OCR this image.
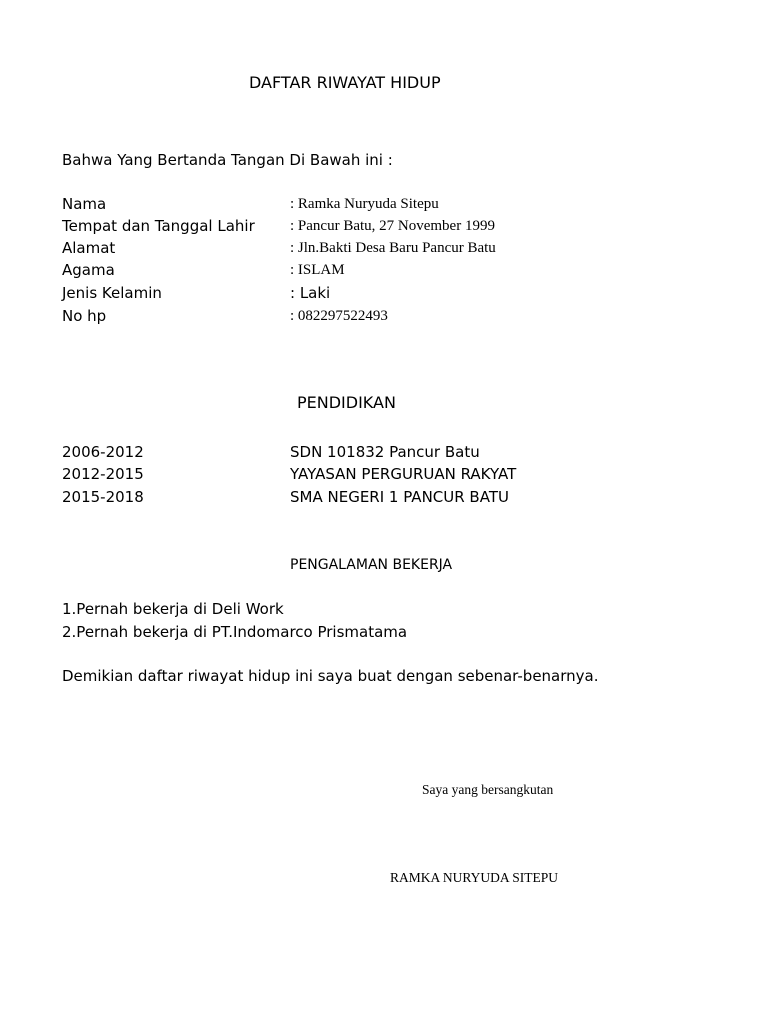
DAFTAR RIWAYAT HIDUP
Bahwa Yang Bertanda Tangan Di Bawah ini :
Nama	: Ramka Nuryuda Sitepu
Tempat dan Tanggal Lahir : Pancur Batu, 27 November 1999
Alamat	: Jln.Bakti Desa Baru Pancur Batu
Agama	: ISLAM
Jenis Kelamin	: Laki
No hp	: 082297522493
PENDIDIKAN
2006-2012	SDN 101832 Pancur Batu
2012-2015	YAYASAN PERGURUAN RAKYAT
2015-2018	SMA NEGERI 1 PANCUR BATU
PENGALAMAN BEKERJA
1.Pernah bekerja di Deli Work
2.Pernah bekerja di PT.Indomarco Prismatama
Demikian daftar riwayat hidup ini saya buat dengan sebenar-benarnya.
Saya yang bersangkutan
RAMKA NURYUDA SITEPU
